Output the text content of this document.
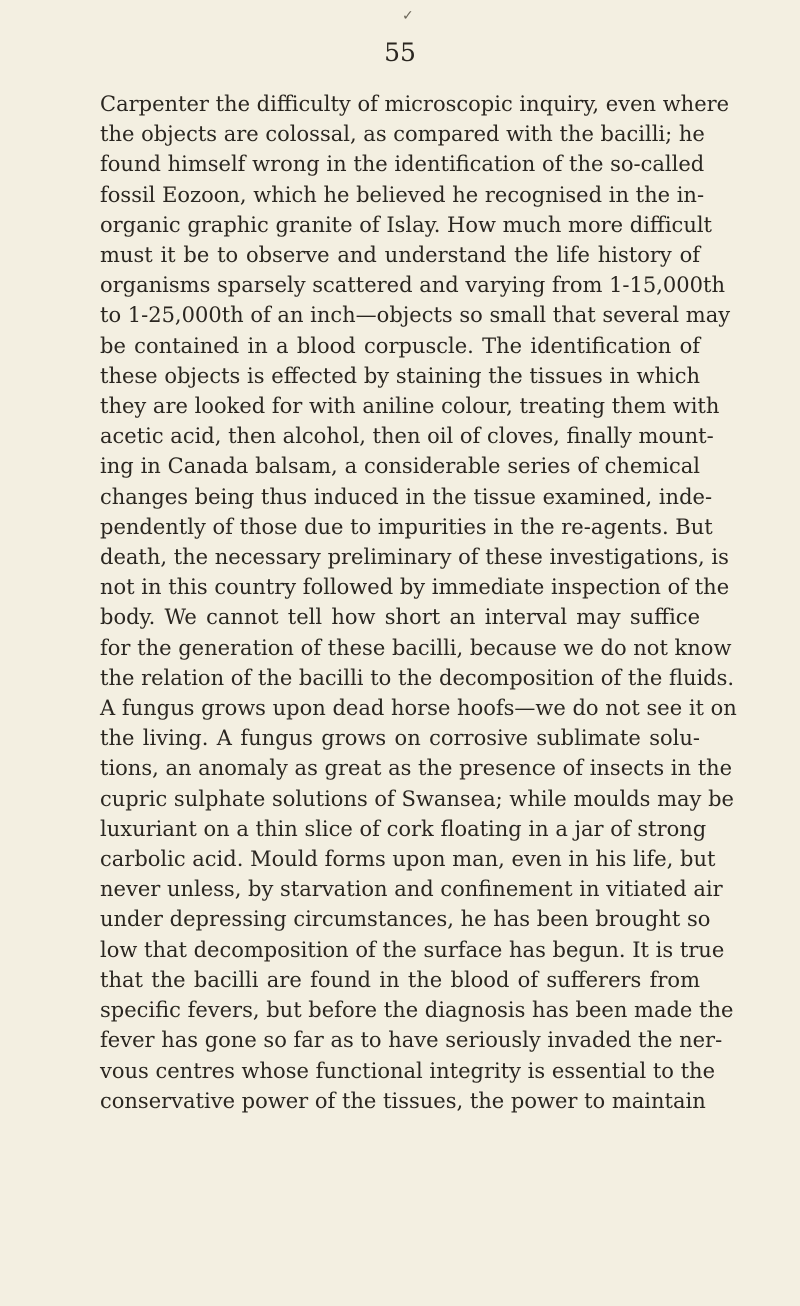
✓

55

Carpenter the difficulty of microscopic inquiry, even where
the objects are colossal, as compared with the bacilli; he
found himself wrong in the identification of the so-called
fossil Eozoon, which he believed he recognised in the in-
organic graphic granite of Islay. How much more difficult
must it be to observe and understand the life history of
organisms sparsely scattered and varying from 1-15,000th
to 1-25,000th of an inch—objects so small that several may
be contained in a blood corpuscle. The identification of
these objects is effected by staining the tissues in which
they are looked for with aniline colour, treating them with
acetic acid, then alcohol, then oil of cloves, finally mount-
ing in Canada balsam, a considerable series of chemical
changes being thus induced in the tissue examined, inde-
pendently of those due to impurities in the re-agents. But
death, the necessary preliminary of these investigations, is
not in this country followed by immediate inspection of the
body. We cannot tell how short an interval may suffice
for the generation of these bacilli, because we do not know
the relation of the bacilli to the decomposition of the fluids.
A fungus grows upon dead horse hoofs—we do not see it on
the living. A fungus grows on corrosive sublimate solu-
tions, an anomaly as great as the presence of insects in the
cupric sulphate solutions of Swansea; while moulds may be
luxuriant on a thin slice of cork floating in a jar of strong
carbolic acid. Mould forms upon man, even in his life, but
never unless, by starvation and confinement in vitiated air
under depressing circumstances, he has been brought so
low that decomposition of the surface has begun. It is true
that the bacilli are found in the blood of sufferers from
specific fevers, but before the diagnosis has been made the
fever has gone so far as to have seriously invaded the ner-
vous centres whose functional integrity is essential to the
conservative power of the tissues, the power to maintain
